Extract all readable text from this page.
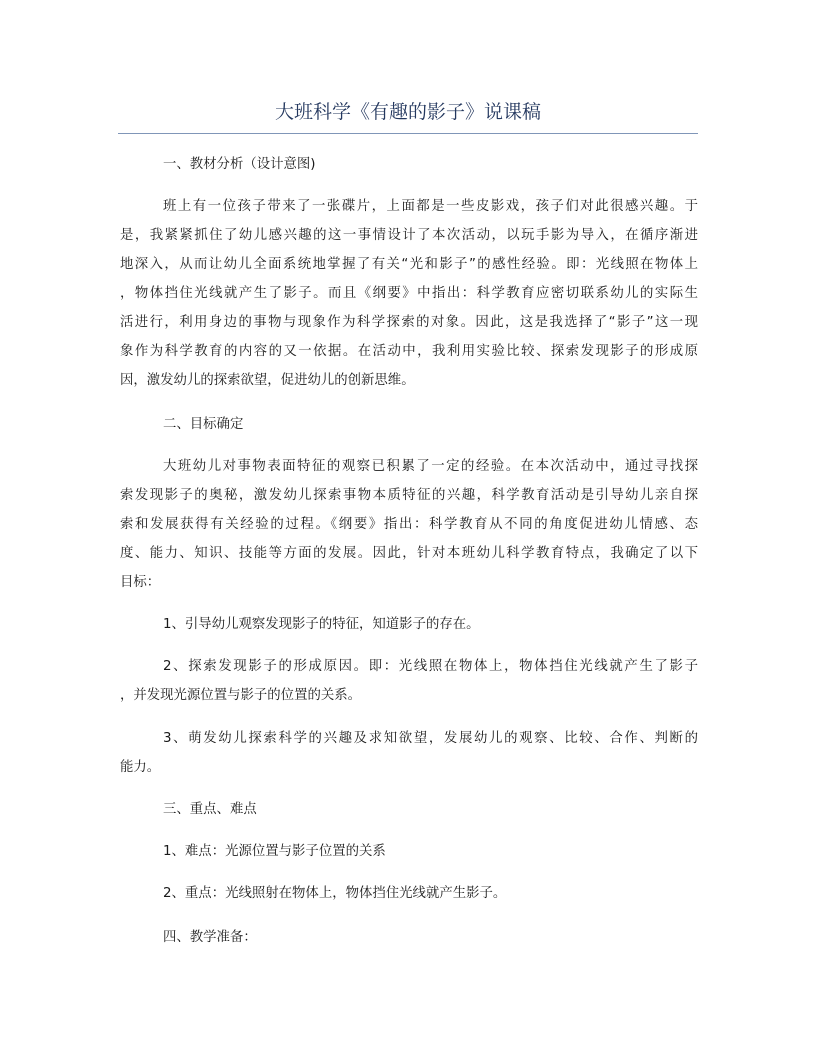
大班科学《有趣的影子》说课稿
一、教材分析（设计意图)
班上有一位孩子带来了一张碟片，上面都是一些皮影戏，孩子们对此很感兴趣。于
是，我紧紧抓住了幼儿感兴趣的这一事情设计了本次活动，以玩手影为导入，在循序渐进
地深入，从而让幼儿全面系统地掌握了有关“光和影子”的感性经验。即：光线照在物体上
，物体挡住光线就产生了影子。而且《纲要》中指出：科学教育应密切联系幼儿的实际生
活进行，利用身边的事物与现象作为科学探索的对象。因此，这是我选择了“影子”这一现
象作为科学教育的内容的又一依据。在活动中，我利用实验比较、探索发现影子的形成原
因，激发幼儿的探索欲望，促进幼儿的创新思维。
二、目标确定
大班幼儿对事物表面特征的观察已积累了一定的经验。在本次活动中，通过寻找探
索发现影子的奥秘，激发幼儿探索事物本质特征的兴趣，科学教育活动是引导幼儿亲自探
索和发展获得有关经验的过程。《纲要》指出：科学教育从不同的角度促进幼儿情感、态
度、能力、知识、技能等方面的发展。因此，针对本班幼儿科学教育特点，我确定了以下
目标：
1、引导幼儿观察发现影子的特征，知道影子的存在。
2、探索发现影子的形成原因。即：光线照在物体上，物体挡住光线就产生了影子
，并发现光源位置与影子的位置的关系。
3、萌发幼儿探索科学的兴趣及求知欲望，发展幼儿的观察、比较、合作、判断的
能力。
三、重点、难点
1、难点：光源位置与影子位置的关系
2、重点：光线照射在物体上，物体挡住光线就产生影子。
四、教学准备：
